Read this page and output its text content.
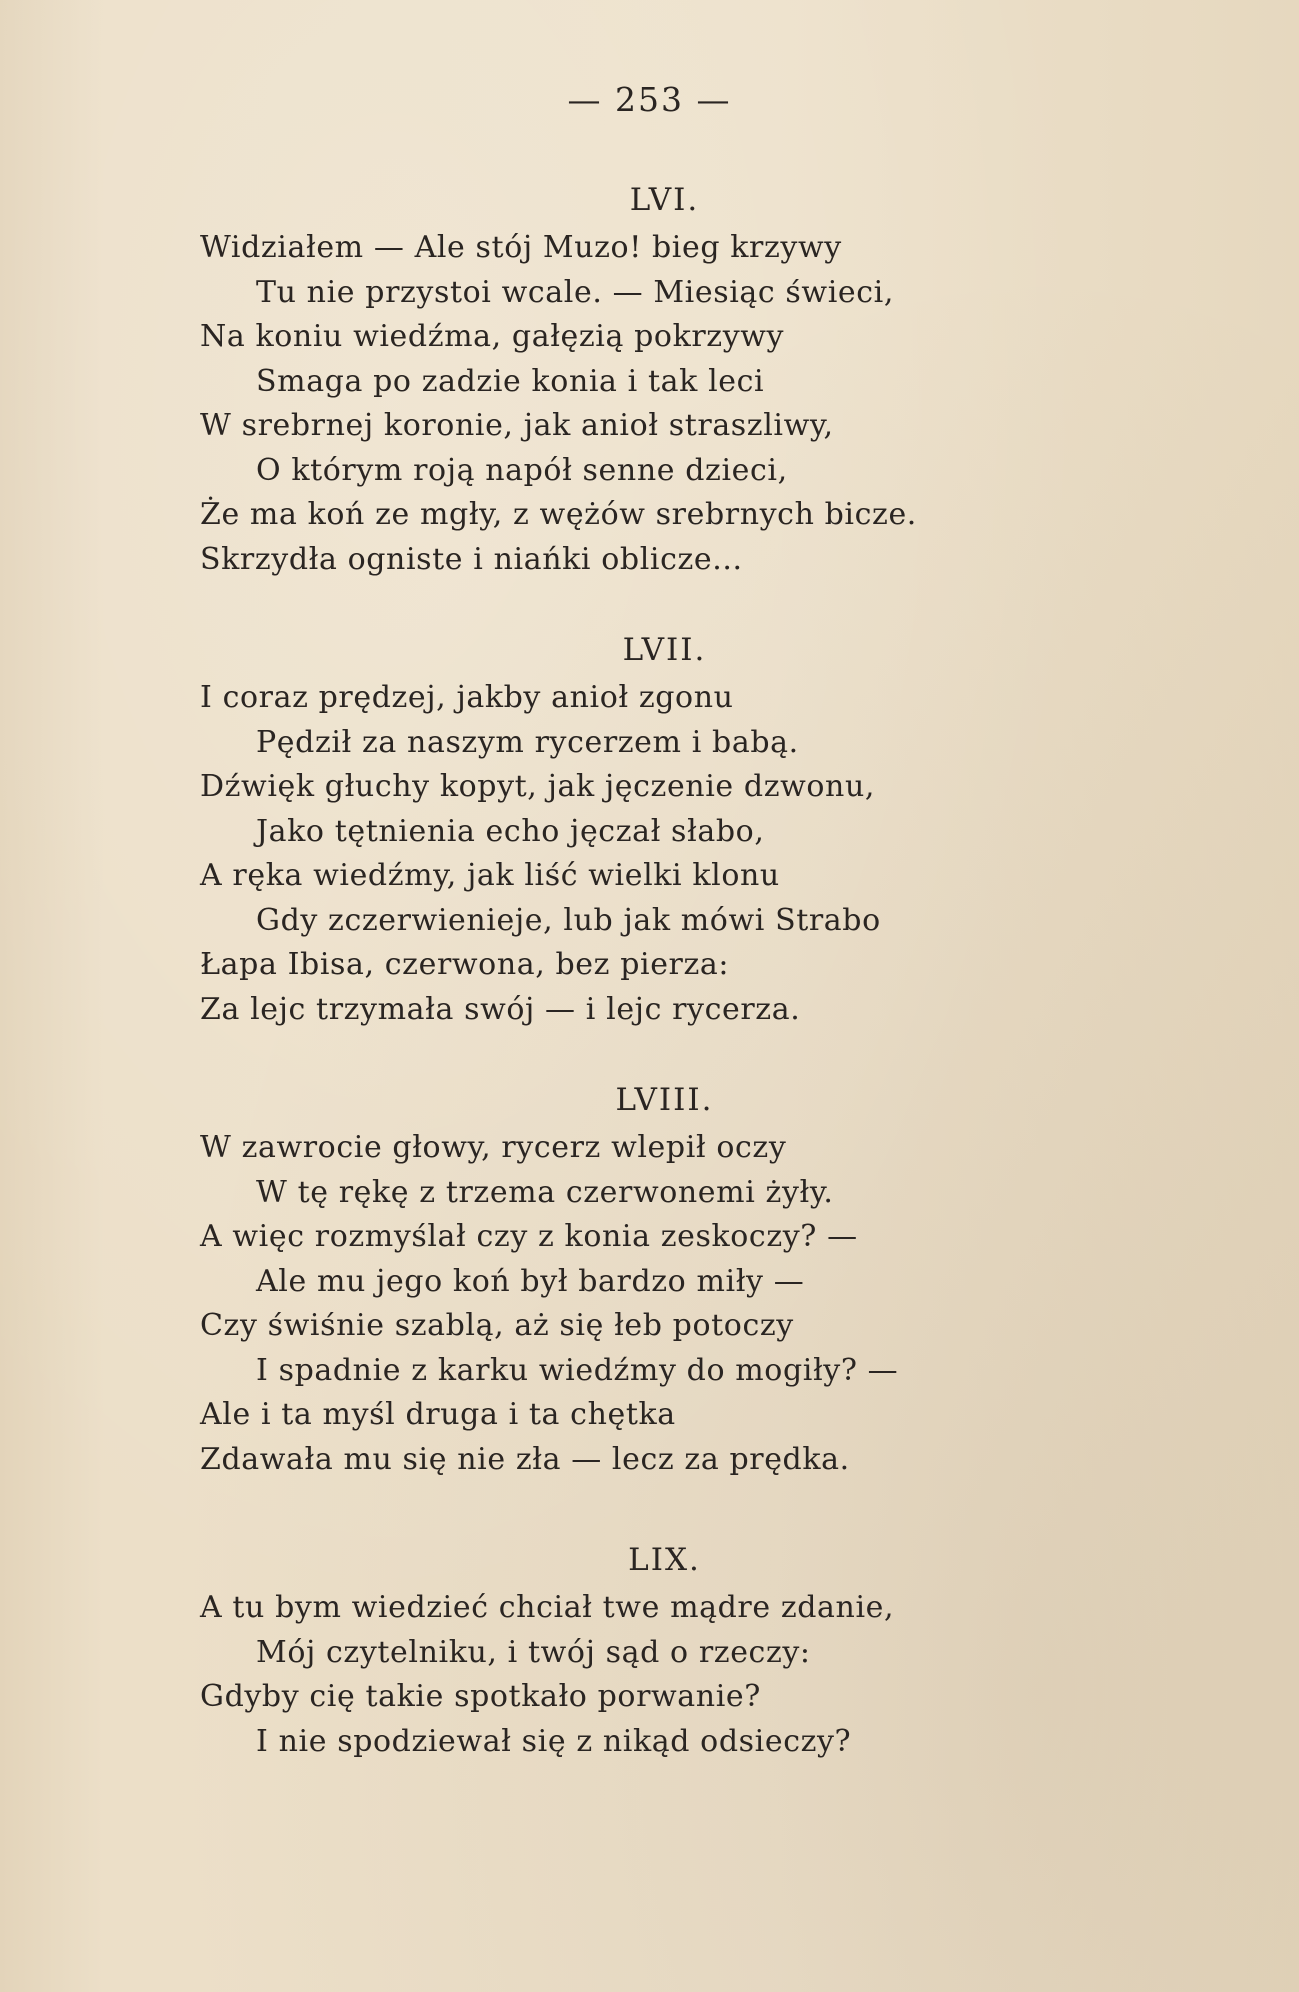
— 253 —
LVI.
Widziałem — Ale stój Muzo! bieg krzywy
Tu nie przystoi wcale. — Miesiąc świeci,
Na koniu wiedźma, gałęzią pokrzywy
Smaga po zadzie konia i tak leci
W srebrnej koronie, jak anioł straszliwy,
O którym roją napół senne dzieci,
Że ma koń ze mgły, z wężów srebrnych bicze.
Skrzydła ogniste i niańki oblicze...
LVII.
I coraz prędzej, jakby anioł zgonu
Pędził za naszym rycerzem i babą.
Dźwięk głuchy kopyt, jak jęczenie dzwonu,
Jako tętnienia echo jęczał słabo,
A ręka wiedźmy, jak liść wielki klonu
Gdy zczerwienieje, lub jak mówi Strabo
Łapa Ibisa, czerwona, bez pierza:
Za lejc trzymała swój — i lejc rycerza.
LVIII.
W zawrocie głowy, rycerz wlepił oczy
W tę rękę z trzema czerwonemi żyły.
A więc rozmyślał czy z konia zeskoczy? —
Ale mu jego koń był bardzo miły —
Czy świśnie szablą, aż się łeb potoczy
I spadnie z karku wiedźmy do mogiły? —
Ale i ta myśl druga i ta chętka
Zdawała mu się nie zła — lecz za prędka.
LIX.
A tu bym wiedzieć chciał twe mądre zdanie,
Mój czytelniku, i twój sąd o rzeczy:
Gdyby cię takie spotkało porwanie?
I nie spodziewał się z nikąd odsieczy?
